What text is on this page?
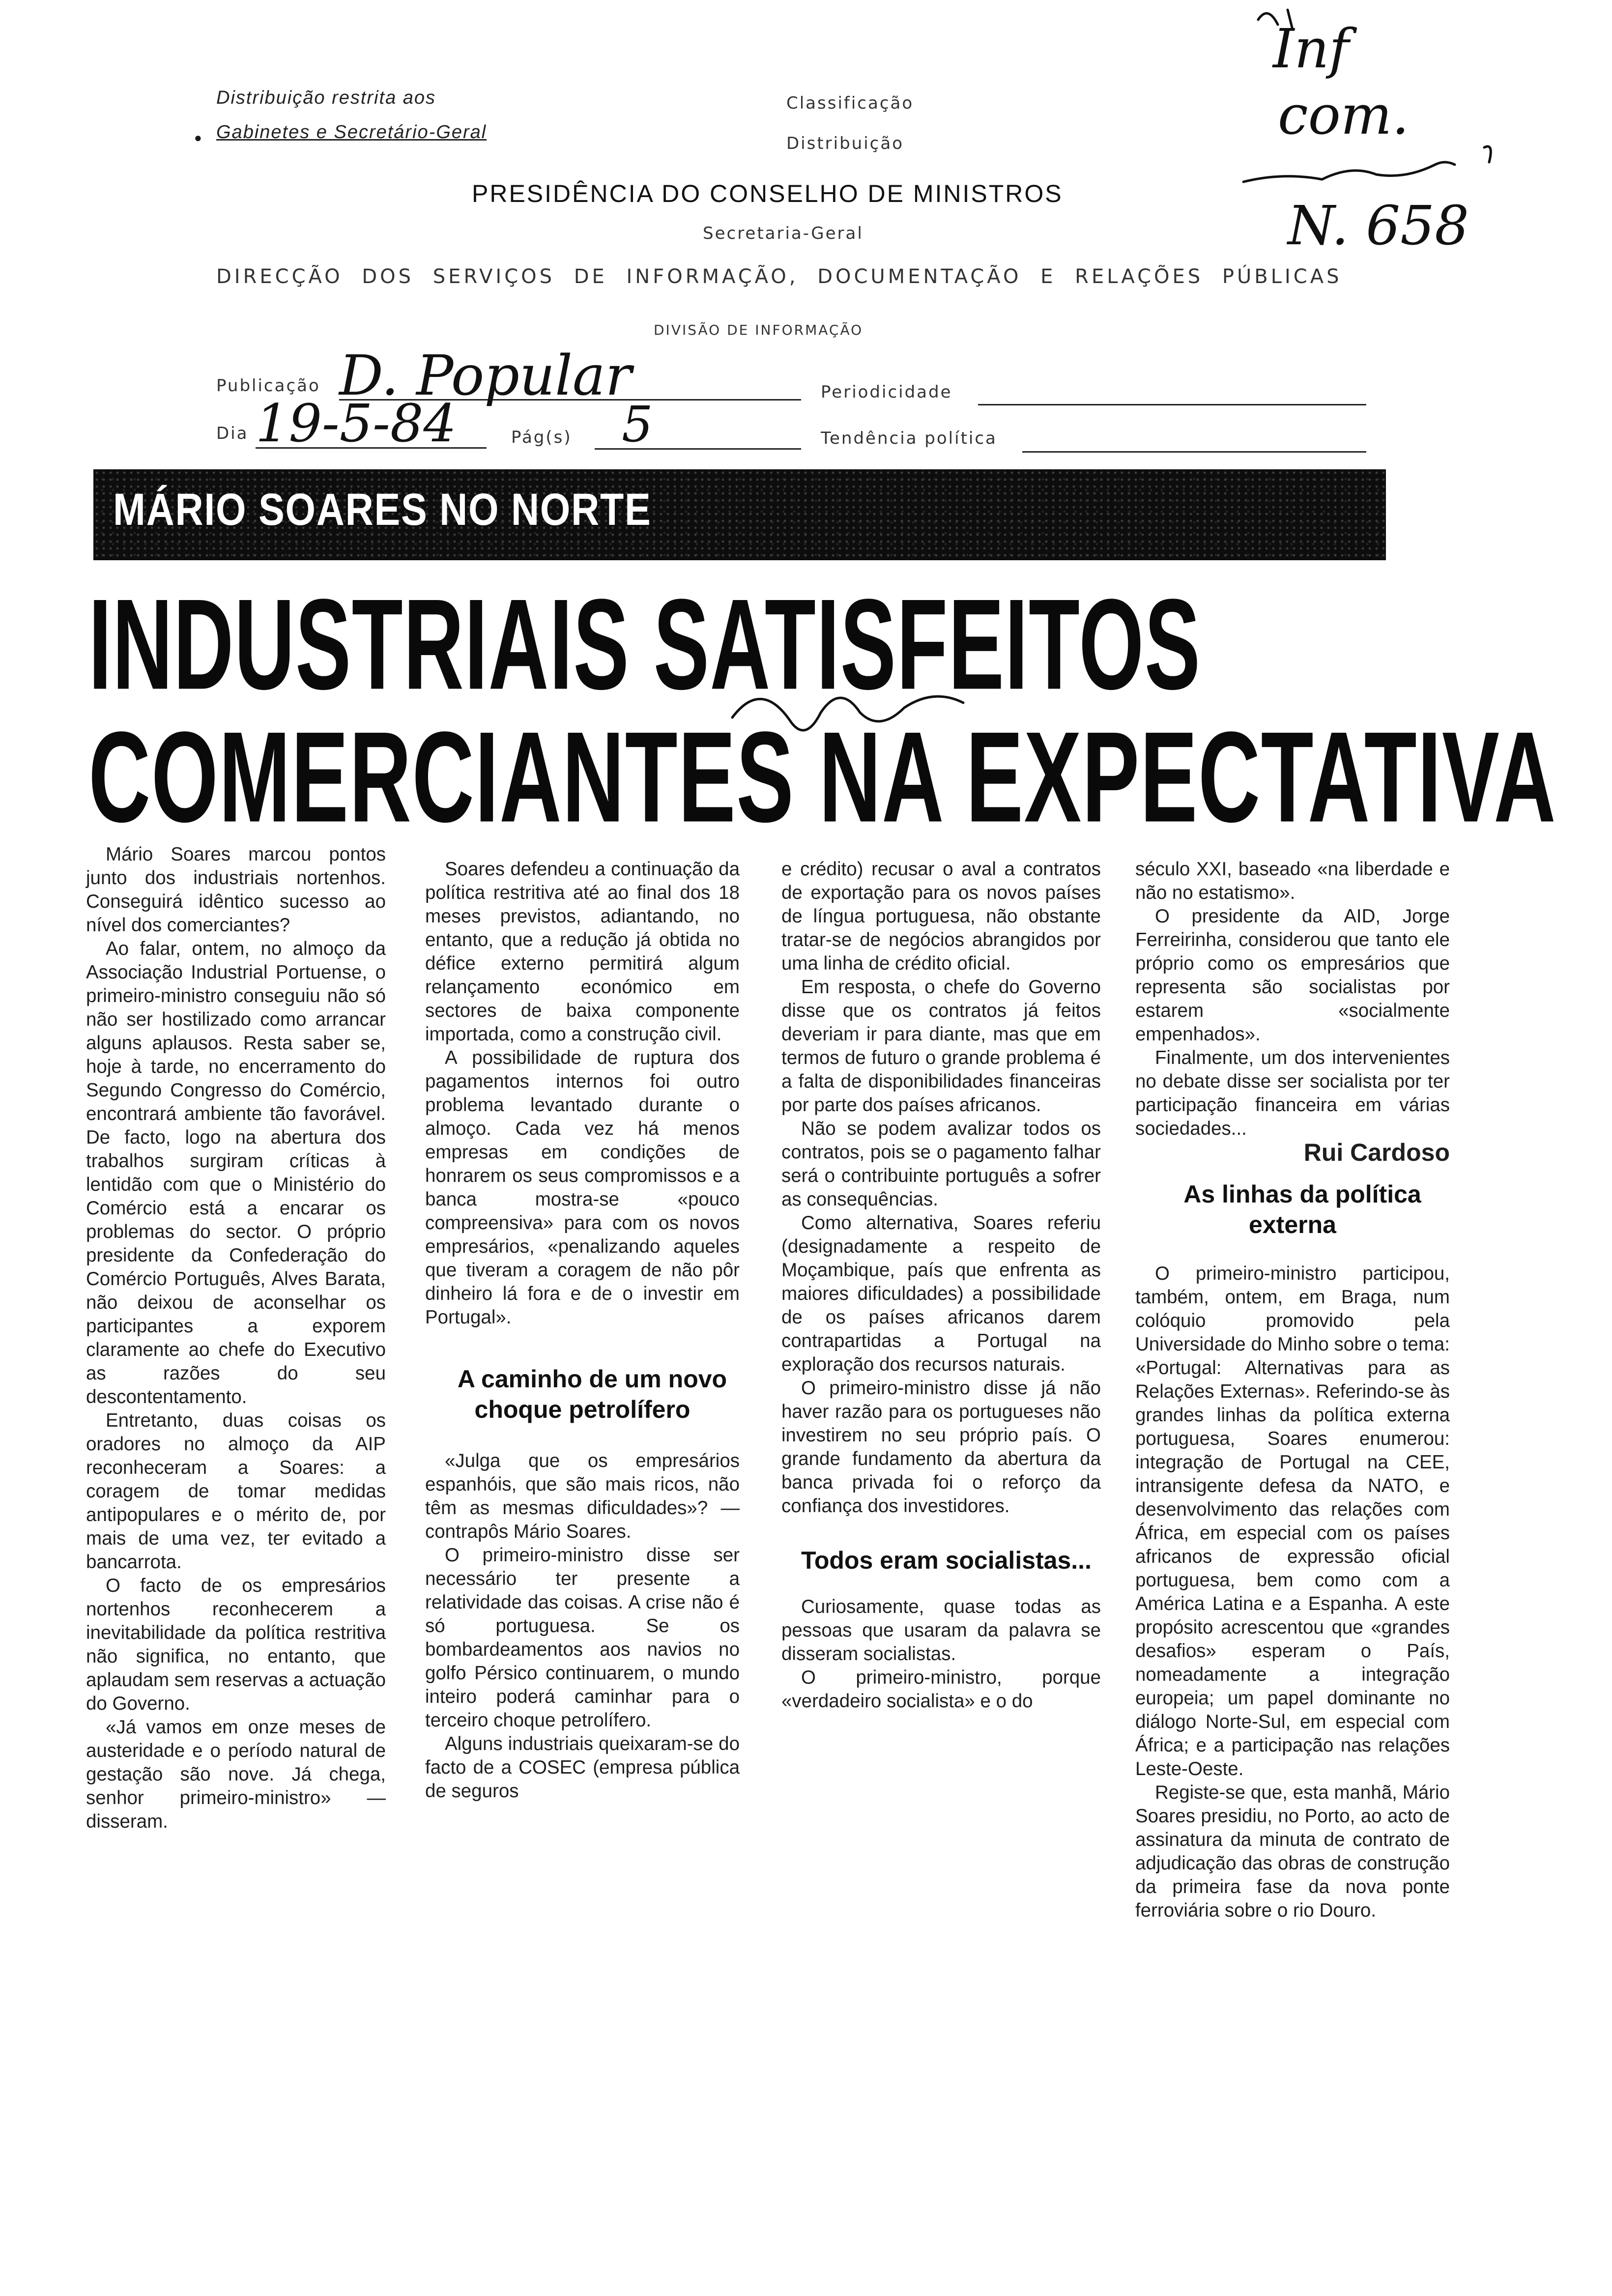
Distribuição restrita aos
Gabinetes e Secretário-Geral
●
Classificação
Distribuição
PRESIDÊNCIA DO CONSELHO DE MINISTROS
Secretaria-Geral
DIRECÇÃO DOS SERVIÇOS DE INFORMAÇÃO, DOCUMENTAÇÃO E RELAÇÕES PÚBLICAS
DIVISÃO DE INFORMAÇÃO
Publicação D. Popular	Periodicidade
Dia 19-5-84	Pág(s) 5	Tendência política
Inf
com.
N. 658
MÁRIO SOARES NO NORTE
INDUSTRIAIS SATISFEITOS
COMERCIANTES NA EXPECTATIVA

Mário Soares marcou pontos junto dos industriais nortenhos. Conseguirá idêntico sucesso ao nível dos comerciantes?

Ao falar, ontem, no almoço da Associação Industrial Portuense, o primeiro-ministro conseguiu não só não ser hostilizado como arrancar alguns aplausos. Resta saber se, hoje à tarde, no encerramento do Segundo Congresso do Comércio, encontrará ambiente tão favorável. De facto, logo na abertura dos trabalhos surgiram críticas à lentidão com que o Ministério do Comércio está a encarar os problemas do sector. O próprio presidente da Confederação do Comércio Português, Alves Barata, não deixou de aconselhar os participantes a exporem claramente ao chefe do Executivo as razões do seu descontentamento.

Entretanto, duas coisas os oradores no almoço da AIP reconheceram a Soares: a coragem de tomar medidas antipopulares e o mérito de, por mais de uma vez, ter evitado a bancarrota.

O facto de os empresários nortenhos reconhecerem a inevitabilidade da política restritiva não significa, no entanto, que aplaudam sem reservas a actuação do Governo.

«Já vamos em onze meses de austeridade e o período natural de gestação são nove. Já chega, senhor primeiro-ministro» — disseram.

Soares defendeu a continuação da política restritiva até ao final dos 18 meses previstos, adiantando, no entanto, que a redução já obtida no défice externo permitirá algum relançamento económico em sectores de baixa componente importada, como a construção civil.

A possibilidade de ruptura dos pagamentos internos foi outro problema levantado durante o almoço. Cada vez há menos empresas em condições de honrarem os seus compromissos e a banca mostra-se «pouco compreensiva» para com os novos empresários, «penalizando aqueles que tiveram a coragem de não pôr dinheiro lá fora e de o investir em Portugal».

A caminho de um novo choque petrolífero

«Julga que os empresários espanhóis, que são mais ricos, não têm as mesmas dificuldades»? — contrapôs Mário Soares.

O primeiro-ministro disse ser necessário ter presente a relatividade das coisas. A crise não é só portuguesa. Se os bombardeamentos aos navios no golfo Pérsico continuarem, o mundo inteiro poderá caminhar para o terceiro choque petrolífero.

Alguns industriais queixaram-se do facto de a COSEC (empresa pública de seguros

e crédito) recusar o aval a contratos de exportação para os novos países de língua portuguesa, não obstante tratar-se de negócios abrangidos por uma linha de crédito oficial.

Em resposta, o chefe do Governo disse que os contratos já feitos deveriam ir para diante, mas que em termos de futuro o grande problema é a falta de disponibilidades financeiras por parte dos países africanos.

Não se podem avalizar todos os contratos, pois se o pagamento falhar será o contribuinte português a sofrer as consequências.

Como alternativa, Soares referiu (designadamente a respeito de Moçambique, país que enfrenta as maiores dificuldades) a possibilidade de os países africanos darem contrapartidas a Portugal na exploração dos recursos naturais.

O primeiro-ministro disse já não haver razão para os portugueses não investirem no seu próprio país. O grande fundamento da abertura da banca privada foi o reforço da confiança dos investidores.

Todos eram socialistas...

Curiosamente, quase todas as pessoas que usaram da palavra se disseram socialistas.

O primeiro-ministro, porque «verdadeiro socialista» e o do

século XXI, baseado «na liberdade e não no estatismo».

O presidente da AID, Jorge Ferreirinha, considerou que tanto ele próprio como os empresários que representa são socialistas por estarem «socialmente empenhados».

Finalmente, um dos intervenientes no debate disse ser socialista por ter participação financeira em várias sociedades...

Rui Cardoso

As linhas da política externa

O primeiro-ministro participou, também, ontem, em Braga, num colóquio promovido pela Universidade do Minho sobre o tema: «Portugal: Alternativas para as Relações Externas». Referindo-se às grandes linhas da política externa portuguesa, Soares enumerou: integração de Portugal na CEE, intransigente defesa da NATO, e desenvolvimento das relações com África, em especial com os países africanos de expressão oficial portuguesa, bem como com a América Latina e a Espanha. A este propósito acrescentou que «grandes desafios» esperam o País, nomeadamente a integração europeia; um papel dominante no diálogo Norte-Sul, em especial com África; e a participação nas relações Leste-Oeste.

Registe-se que, esta manhã, Mário Soares presidiu, no Porto, ao acto de assinatura da minuta de contrato de adjudicação das obras de construção da primeira fase da nova ponte ferroviária sobre o rio Douro.
